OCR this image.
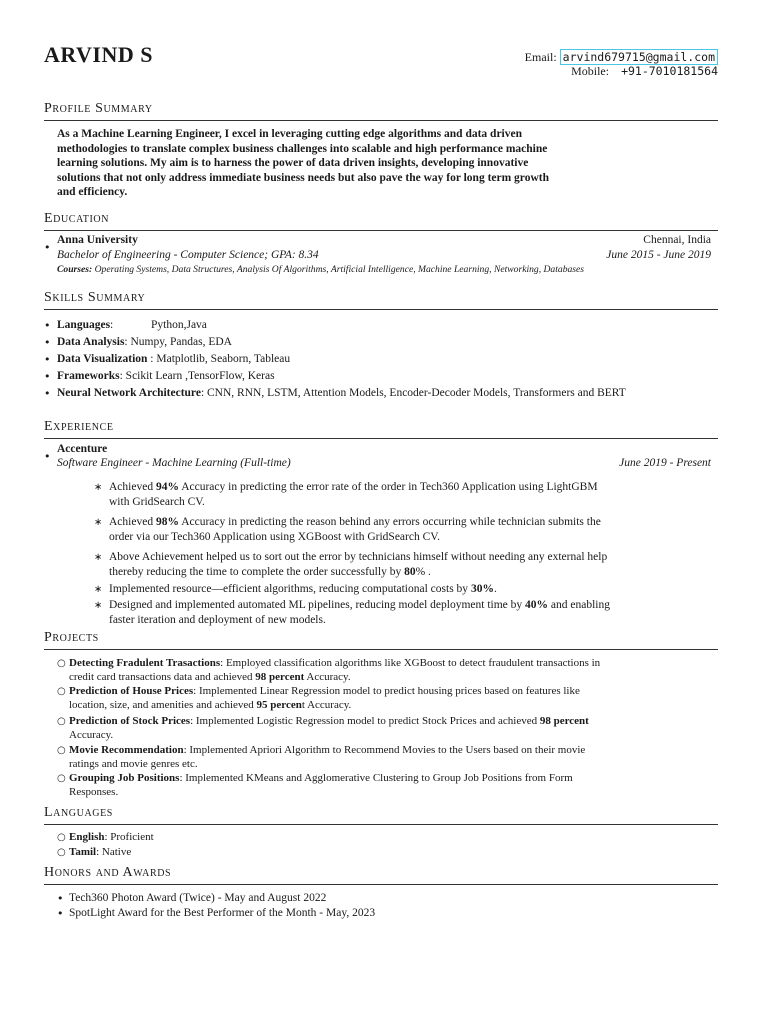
ARVIND S	Email: arvind679715@gmail.com
Mobile: +91-7010181564
Profile Summary
As a Machine Learning Engineer, I excel in leveraging cutting edge algorithms and data driven
methodologies to translate complex business challenges into scalable and high performance machine
learning solutions. My aim is to harness the power of data driven insights, developing innovative
solutions that not only address immediate business needs but also pave the way for long term growth
and efficiency.
Education
•
Anna University	Chennai, India
Bachelor of Engineering - Computer Science; GPA: 8.34	June 2015 - June 2019
Courses: Operating Systems, Data Structures, Analysis Of Algorithms, Artificial Intelligence, Machine Learning, Networking, Databases
Skills Summary
• Languages:	Python,Java
• Data Analysis: Numpy, Pandas, EDA
• Data Visualization : Matplotlib, Seaborn, Tableau
• Frameworks: Scikit Learn ,TensorFlow, Keras
• Neural Network Architecture: CNN, RNN, LSTM, Attention Models, Encoder-Decoder Models, Transformers and BERT
Experience
•
Accenture
Software Engineer - Machine Learning (Full-time)	June 2019 - Present
∗ Achieved 94% Accuracy in predicting the error rate of the order in Tech360 Application using LightGBM
with GridSearch CV.
∗ Achieved 98% Accuracy in predicting the reason behind any errors occurring while technician submits the
order via our Tech360 Application using XGBoost with GridSearch CV.
∗ Above Achievement helped us to sort out the error by technicians himself without needing any external help
thereby reducing the time to complete the order successfully by 80% .
∗ Implemented resource—efficient algorithms, reducing computational costs by 30%.
∗ Designed and implemented automated ML pipelines, reducing model deployment time by 40% and enabling
faster iteration and deployment of new models.
Projects
○ Detecting Fradulent Trasactions: Employed classification algorithms like XGBoost to detect fraudulent transactions in
credit card transactions data and achieved 98 percent Accuracy.
○ Prediction of House Prices: Implemented Linear Regression model to predict housing prices based on features like
location, size, and amenities and achieved 95 percent Accuracy.
○ Prediction of Stock Prices: Implemented Logistic Regression model to predict Stock Prices and achieved 98 percent
Accuracy.
○ Movie Recommendation: Implemented Apriori Algorithm to Recommend Movies to the Users based on their movie
ratings and movie genres etc.
○ Grouping Job Positions: Implemented KMeans and Agglomerative Clustering to Group Job Positions from Form
Responses.
Languages
○ English: Proficient
○ Tamil: Native
Honors and Awards
• Tech360 Photon Award (Twice) - May and August 2022
• SpotLight Award for the Best Performer of the Month - May, 2023
